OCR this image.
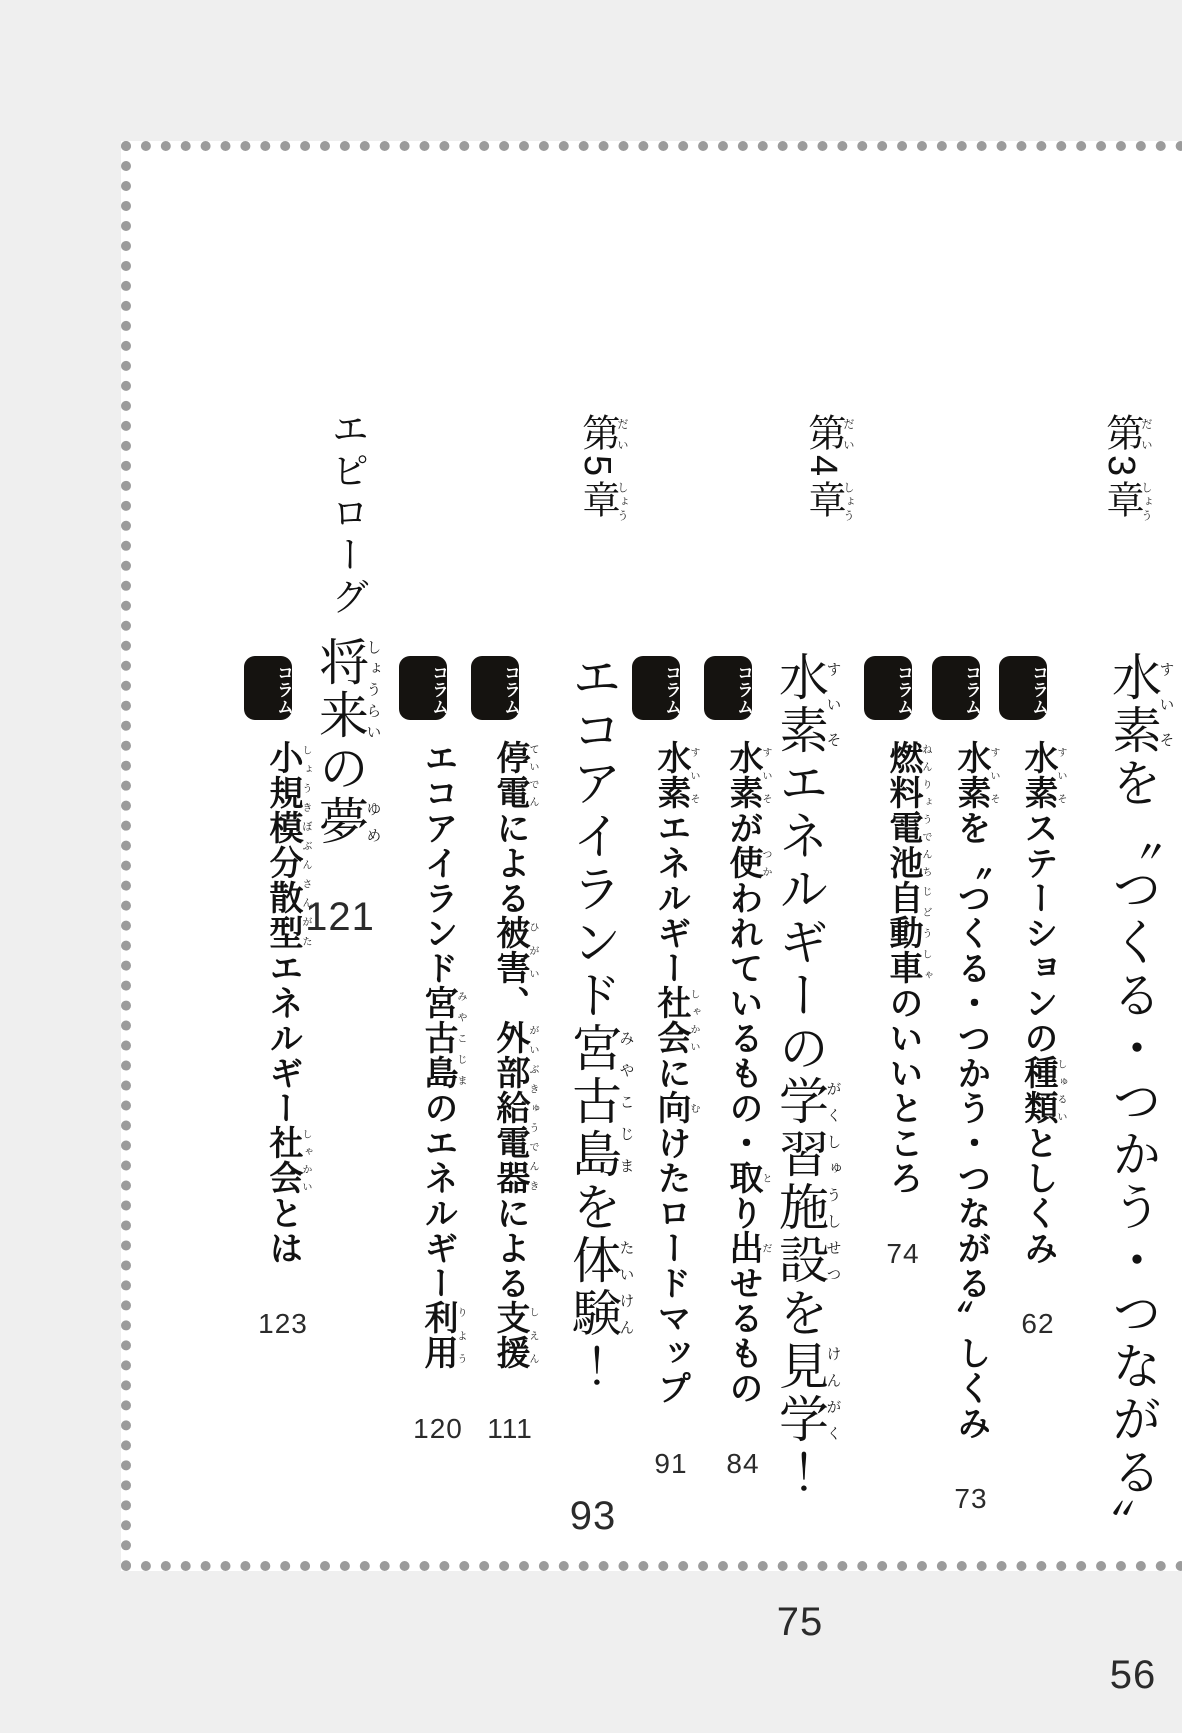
第だい3章しょう
水素すいそを〝つくる・つかう・つながる〟 56
コラム 水素すいそステーションの種類しゅるいとしくみ 62
コラム 水素すいそを〝つくる・つかう・つながる〟しくみ 73
コラム 燃料電池ねんりょうでんち自動車じどうしゃのいいところ 74
第だい4章しょう
水素すいそエネルギーの学習施設がくしゅうしせつを見学けんがく！ 75
コラム 水素すいそが使つかわれているもの・取とり出だせるもの 84
コラム 水素すいそエネルギー社会しゃかいに向むけたロードマップ 91
第だい5章しょう
エコアイランド宮古島みやこじまを体験たいけん！ 93
コラム 停電ていでんによる被害ひがい、外部給電器がいぶきゅうでんきによる支援しえん 111
コラム エコアイランド宮古島みやこじまのエネルギー利用りよう 120
エピローグ
将来しょうらいの夢ゆめ 121
コラム 小規模分散型しょうきぼぶんさんがたエネルギー社会しゃかいとは 123
